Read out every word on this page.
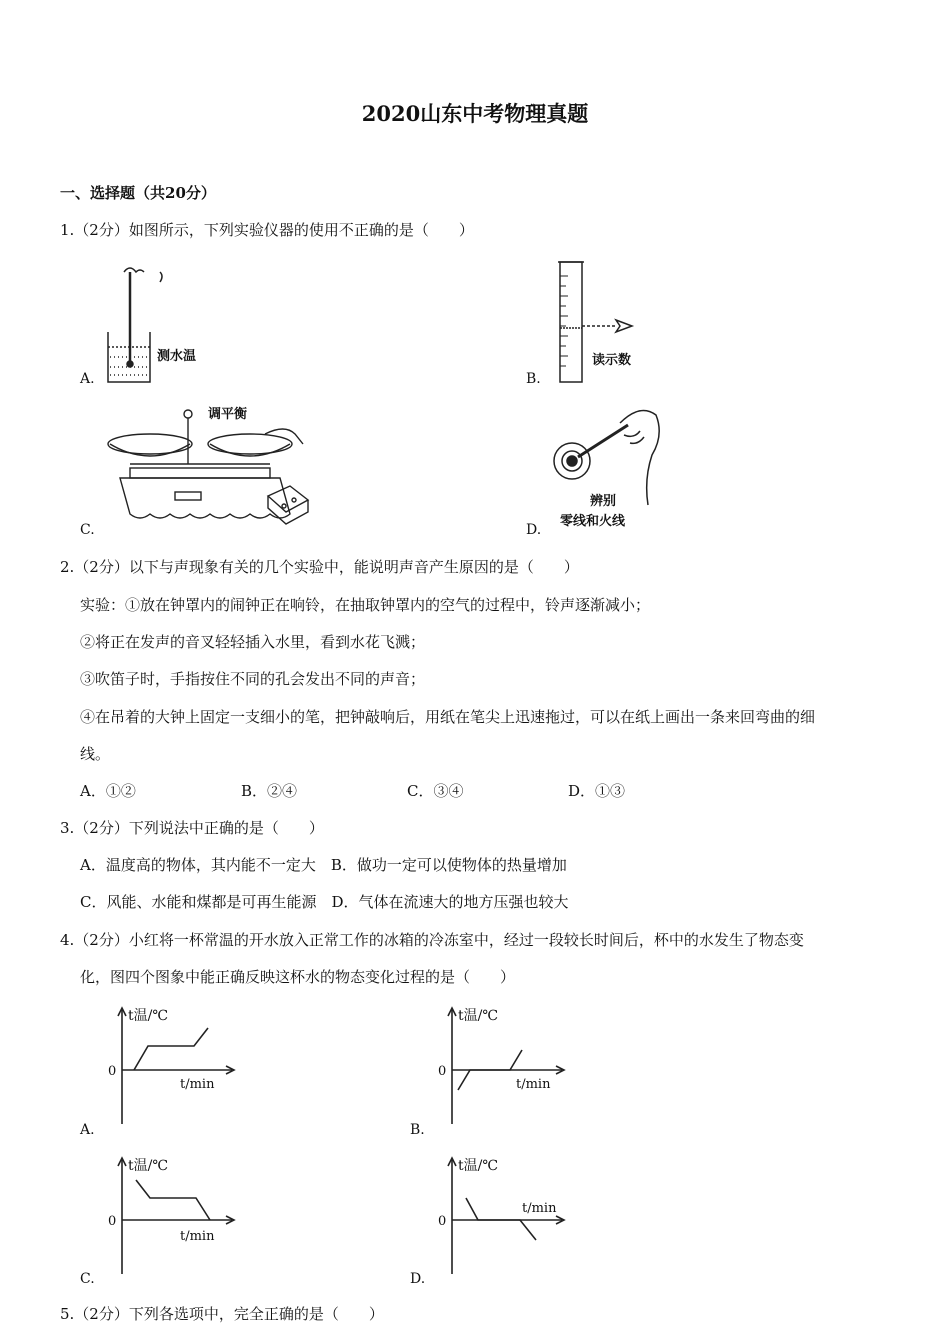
2020山东中考物理真题
一、选择题（共20分）
1.（2分）如图所示，下列实验仪器的使用不正确的是（　　）
测水温
A.
读示数
B.
调平衡
C.
辨别
零线和火线
D.
2.（2分）以下与声现象有关的几个实验中，能说明声音产生原因的是（　　）
实验：①放在钟罩内的闹钟正在响铃，在抽取钟罩内的空气的过程中，铃声逐渐减小；
②将正在发声的音叉轻轻插入水里，看到水花飞溅；
③吹笛子时，手指按住不同的孔会发出不同的声音；
④在吊着的大钟上固定一支细小的笔，把钟敲响后，用纸在笔尖上迅速拖过，可以在纸上画出一条来回弯曲的细
线。
A．①②	B．②④	C．③④	D．①③
3.（2分）下列说法中正确的是（　　）
A．温度高的物体，其内能不一定大　B．做功一定可以使物体的热量增加
C．风能、水能和煤都是可再生能源　D．气体在流速大的地方压强也较大
4.（2分）小红将一杯常温的开水放入正常工作的冰箱的冷冻室中，经过一段较长时间后，杯中的水发生了物态变
化，图四个图象中能正确反映这杯水的物态变化过程的是（　　）
t温/℃
0
t/min
A.
t温/℃
0
t/min
B.
t温/℃
0
t/min
C.
t温/℃
0
t/min
D.
5.（2分）下列各选项中，完全正确的是（　　）
